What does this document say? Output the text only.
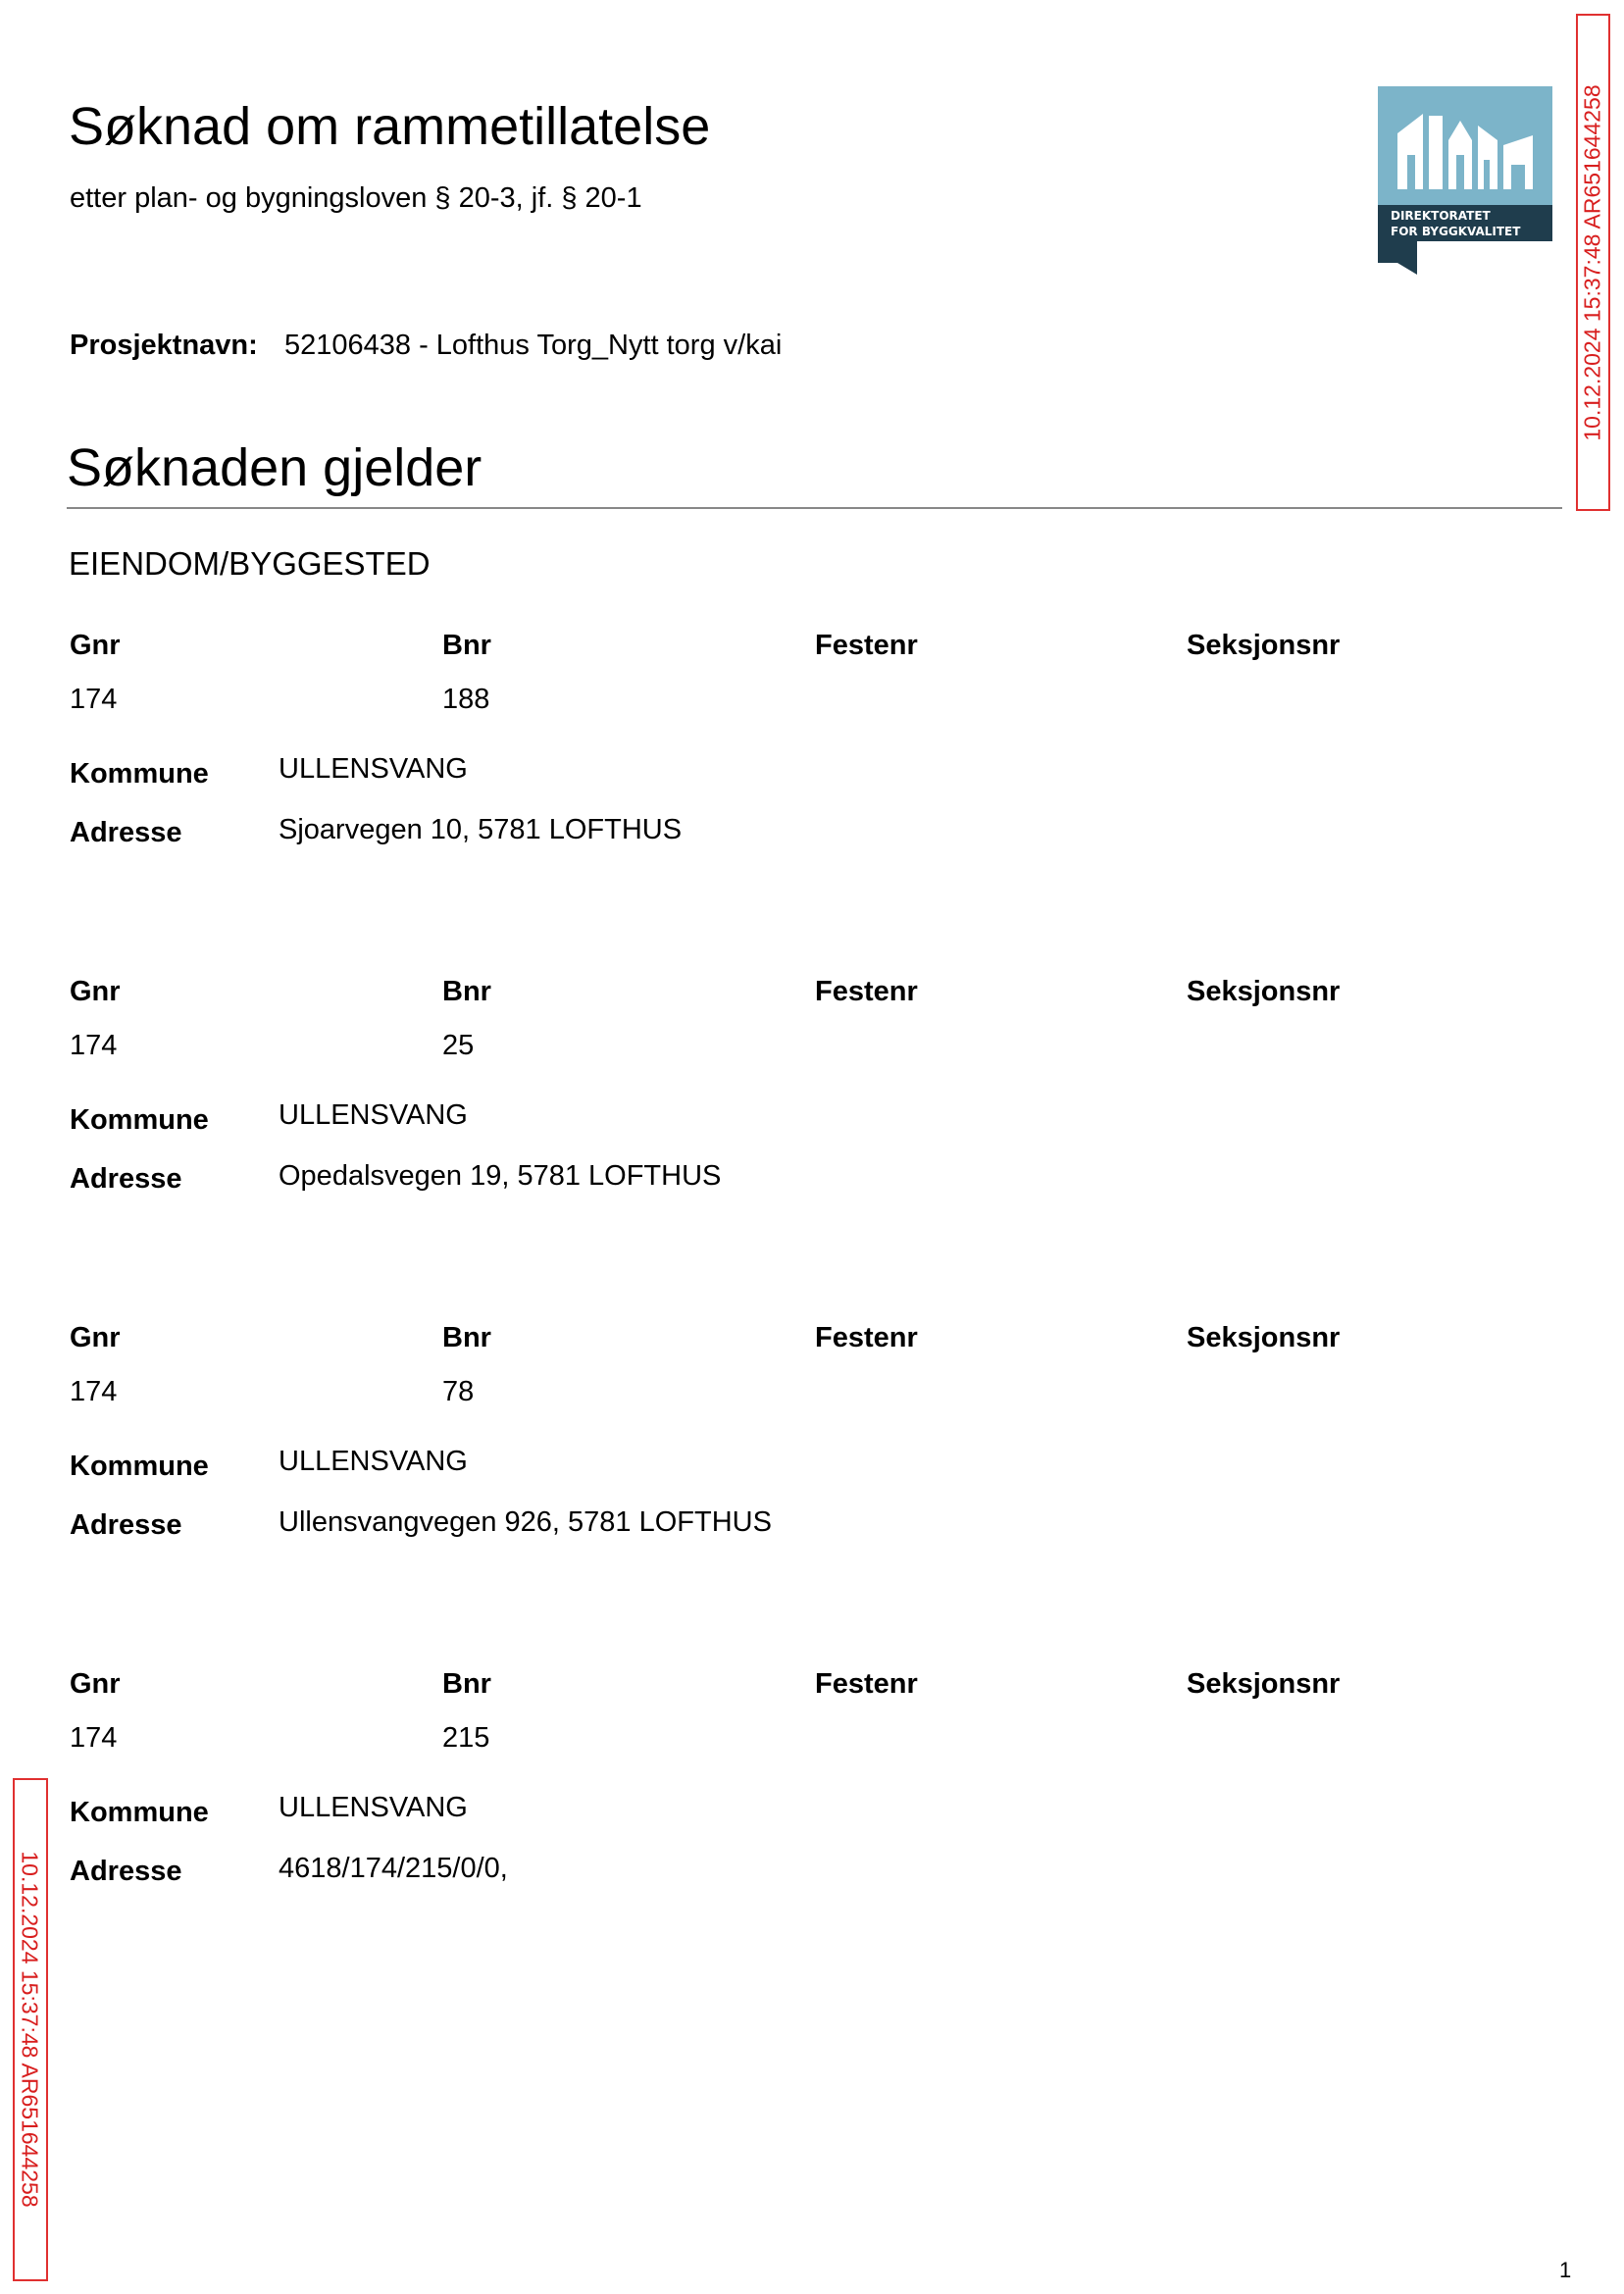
Søknad om rammetillatelse
etter plan- og bygningsloven § 20-3, jf. § 20-1
DIREKTORATET
FOR BYGGKVALITET	10.12.2024 15:37:48 AR651644258
Prosjektnavn: 52106438 - Lofthus Torg_Nytt torg v/kai
Søknaden gjelder
EIENDOM/BYGGESTED
Gnr	Bnr	Festenr	Seksjonsnr
174	188
Kommune ULLENSVANG
Adresse	Sjoarvegen 10, 5781 LOFTHUS
Gnr	Bnr	Festenr	Seksjonsnr
174	25
Kommune ULLENSVANG
Adresse	Opedalsvegen 19, 5781 LOFTHUS
Gnr	Bnr	Festenr	Seksjonsnr
174	78
Kommune ULLENSVANG
Adresse	Ullensvangvegen 926, 5781 LOFTHUS
Gnr	Bnr	Festenr	Seksjonsnr
174	215
Kommune ULLENSVANG
Adresse	4618/174/215/0/0,
10.12.2024 15:37:48 AR651644258
1
